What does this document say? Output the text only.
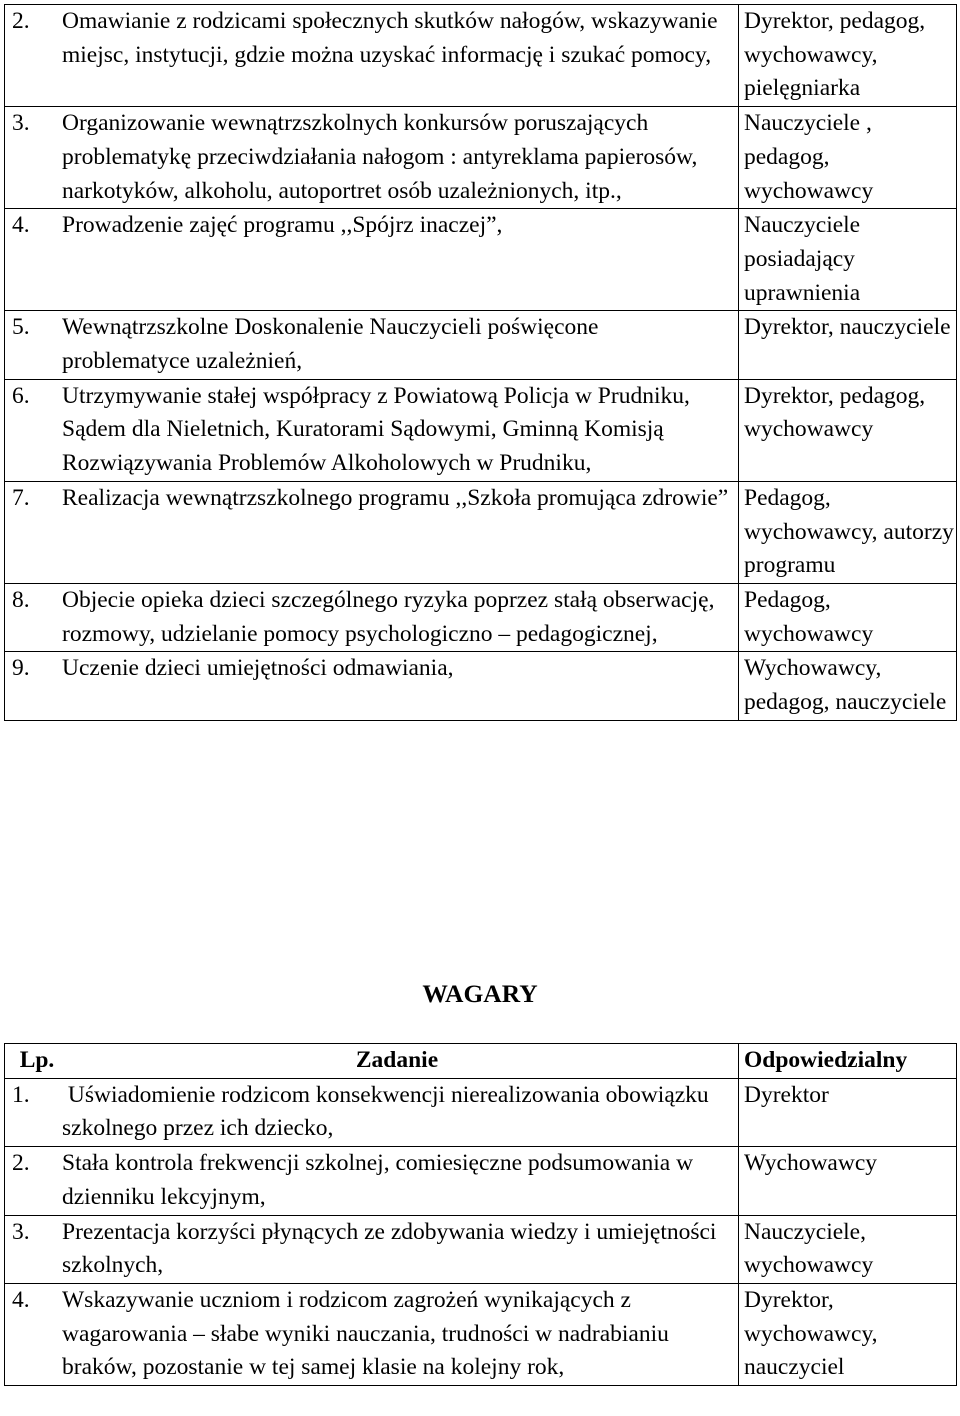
2. Omawianie z rodzicami społecznych skutków nałogów, wskazywanie miejsc, instytucji, gdzie można uzyskać informację i szukać pomocy,	Dyrektor, pedagog, wychowawcy, pielęgniarka

3. Organizowanie wewnątrzszkolnych konkursów poruszających problematykę przeciwdziałania nałogom : antyreklama papierosów, narkotyków, alkoholu, autoportret osób uzależnionych, itp.,	Nauczyciele , pedagog, wychowawcy

4. Prowadzenie zajęć programu ,,Spójrz inaczej”,	Nauczyciele posiadający uprawnienia

5. Wewnątrzszkolne Doskonalenie Nauczycieli poświęcone problematyce uzależnień,	Dyrektor, nauczyciele

6. Utrzymywanie stałej współpracy z Powiatową Policja w Prudniku, Sądem dla Nieletnich, Kuratorami Sądowymi, Gminną Komisją Rozwiązywania Problemów Alkoholowych w Prudniku,	Dyrektor, pedagog, wychowawcy

7. Realizacja wewnątrzszkolnego programu ,,Szkoła promująca zdrowie”	Pedagog, wychowawcy, autorzy programu

8. Objecie opieka dzieci szczególnego ryzyka poprzez stałą obserwację, rozmowy, udzielanie pomocy psychologiczno – pedagogicznej,	Pedagog, wychowawcy

9. Uczenie dzieci umiejętności odmawiania,	Wychowawcy, pedagog, nauczyciele
WAGARY
Lp. Zadanie	Odpowiedzialny

1. Uświadomienie rodzicom konsekwencji nierealizowania obowiązku szkolnego przez ich dziecko,	Dyrektor

2. Stała kontrola frekwencji szkolnej, comiesięczne podsumowania w dzienniku lekcyjnym,	Wychowawcy

3. Prezentacja korzyści płynących ze zdobywania wiedzy i umiejętności szkolnych,	Nauczyciele, wychowawcy

4. Wskazywanie uczniom i rodzicom zagrożeń wynikających z wagarowania – słabe wyniki nauczania, trudności w nadrabianiu braków, pozostanie w tej samej klasie na kolejny rok,	Dyrektor, wychowawcy, nauczyciel
